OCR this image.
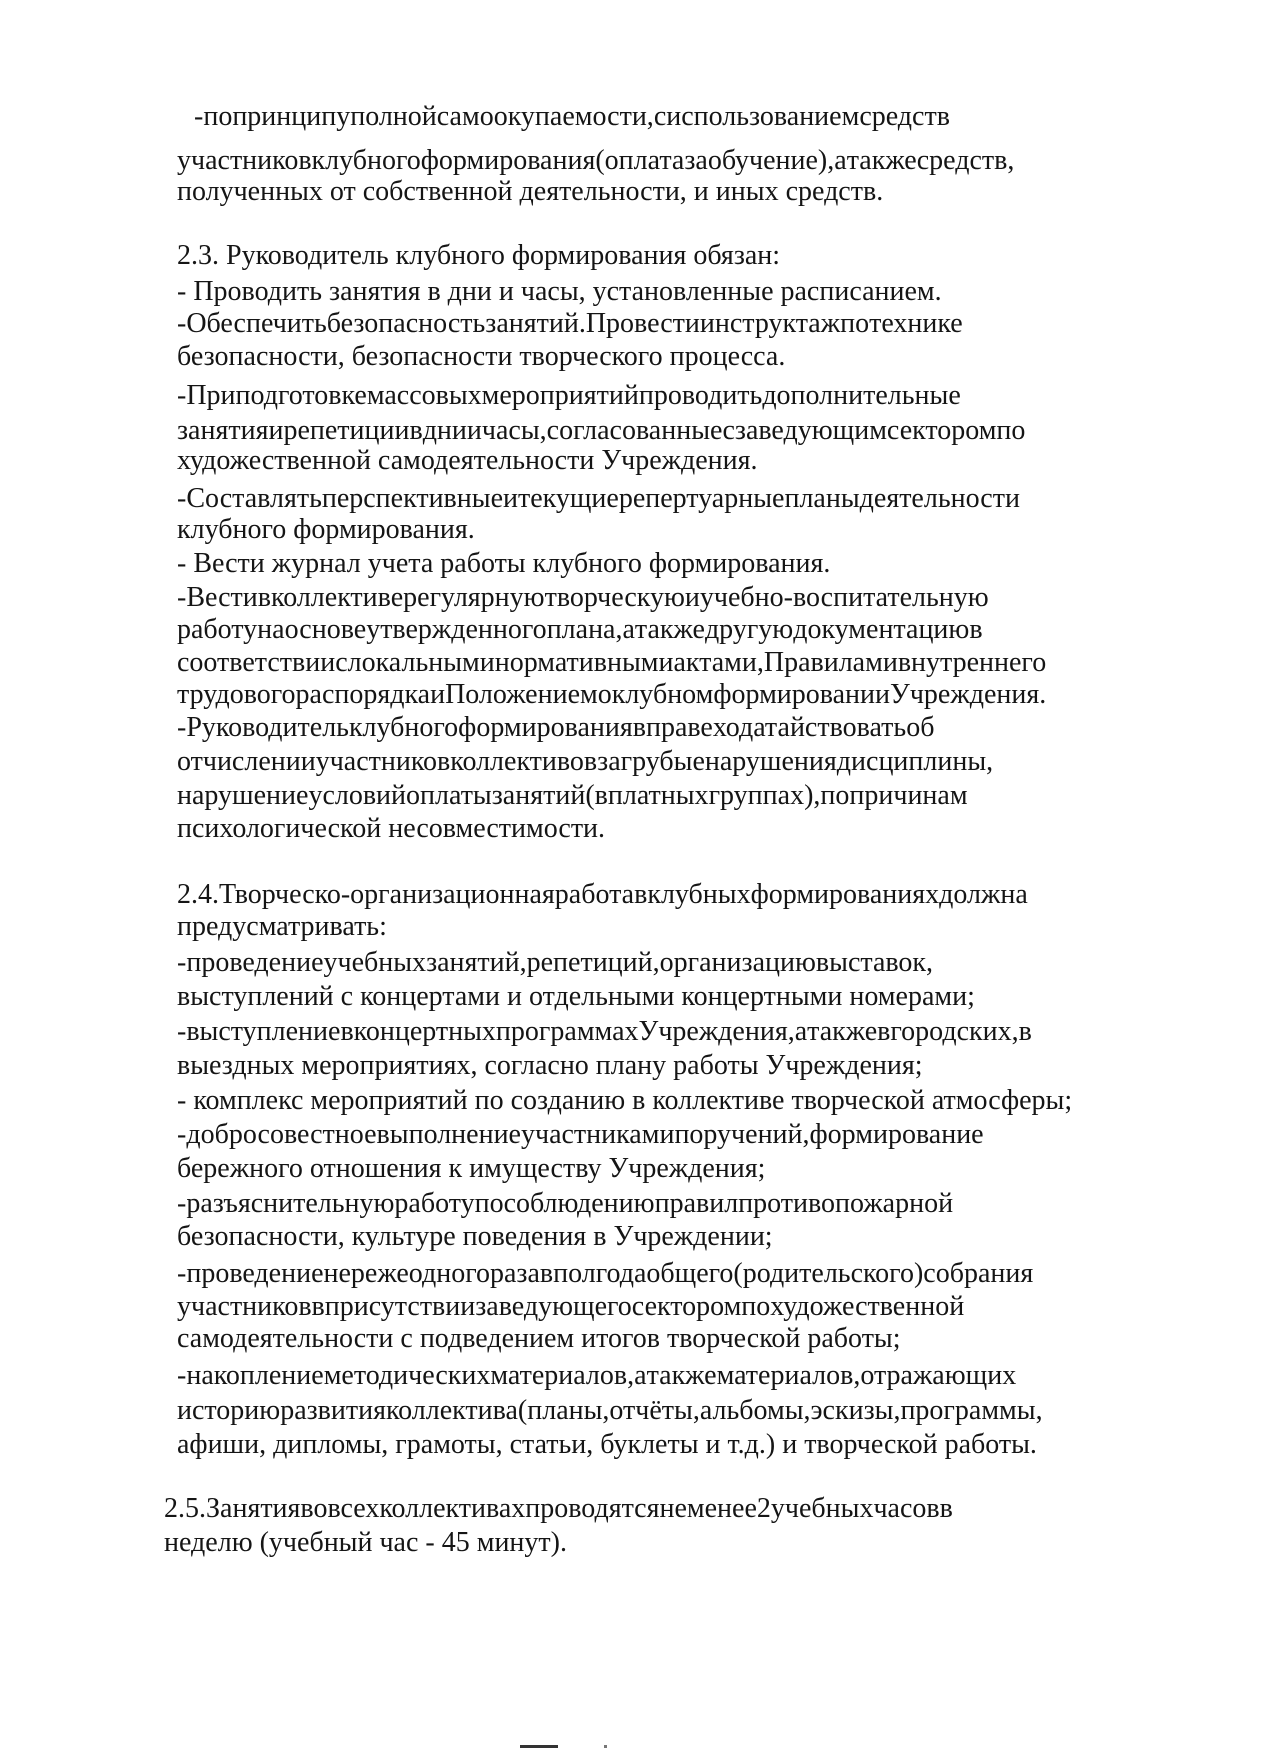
-попринципуполнойсамоокупаемости,сиспользованиемсредств
участниковклубногоформирования(оплатазаобучение),атакжесредств,
полученных от собственной деятельности, и иных средств.
2.3. Руководитель клубного формирования обязан:
- Проводить занятия в дни и часы, установленные расписанием.
-Обеспечитьбезопасностьзанятий.Провестиинструктажпотехнике
безопасности, безопасности творческого процесса.
-Приподготовкемассовыхмероприятийпроводитьдополнительные
занятияирепетициивдниичасы,согласованныесзаведующимсекторомпо
художественной самодеятельности Учреждения.
-Составлятьперспективныеитекущиерепертуарныепланыдеятельности
клубного формирования.
- Вести журнал учета работы клубного формирования.
-Вестивколлективерегулярнуютворческуюиучебно-воспитательную
работунаосновеутвержденногоплана,атакжедругуюдокументациюв
соответствиислокальныминормативнымиактами,Правиламивнутреннего
трудовогораспорядкаиПоложениемоклубномформированииУчреждения.
-Руководительклубногоформированиявправеходатайствоватьоб
отчисленииучастниковколлективовзагрубыенарушениядисциплины,
нарушениеусловийоплатызанятий(вплатныхгруппах),попричинам
психологической несовместимости.
2.4.Творческо-организационнаяработавклубныхформированияхдолжна
предусматривать:
-проведениеучебныхзанятий,репетиций,организациювыставок,
выступлений с концертами и отдельными концертными номерами;
-выступлениевконцертныхпрограммахУчреждения,атакжевгородских,в
выездных мероприятиях, согласно плану работы Учреждения;
- комплекс мероприятий по созданию в коллективе творческой атмосферы;
-добросовестноевыполнениеучастникамипоручений,формирование
бережного отношения к имуществу Учреждения;
-разъяснительнуюработупособлюдениюправилпротивопожарной
безопасности, культуре поведения в Учреждении;
-проведениенережеодногоразавполгодаобщего(родительского)собрания
участниковвприсутствиизаведующегосекторомпохудожественной
самодеятельности с подведением итогов творческой работы;
-накоплениеметодическихматериалов,атакжематериалов,отражающих
историюразвитияколлектива(планы,отчёты,альбомы,эскизы,программы,
афиши, дипломы, грамоты, статьи, буклеты и т.д.) и творческой работы.
2.5.Занятиявовсехколлективахпроводятсянеменее2учебныхчасовв
неделю (учебный час - 45 минут).
